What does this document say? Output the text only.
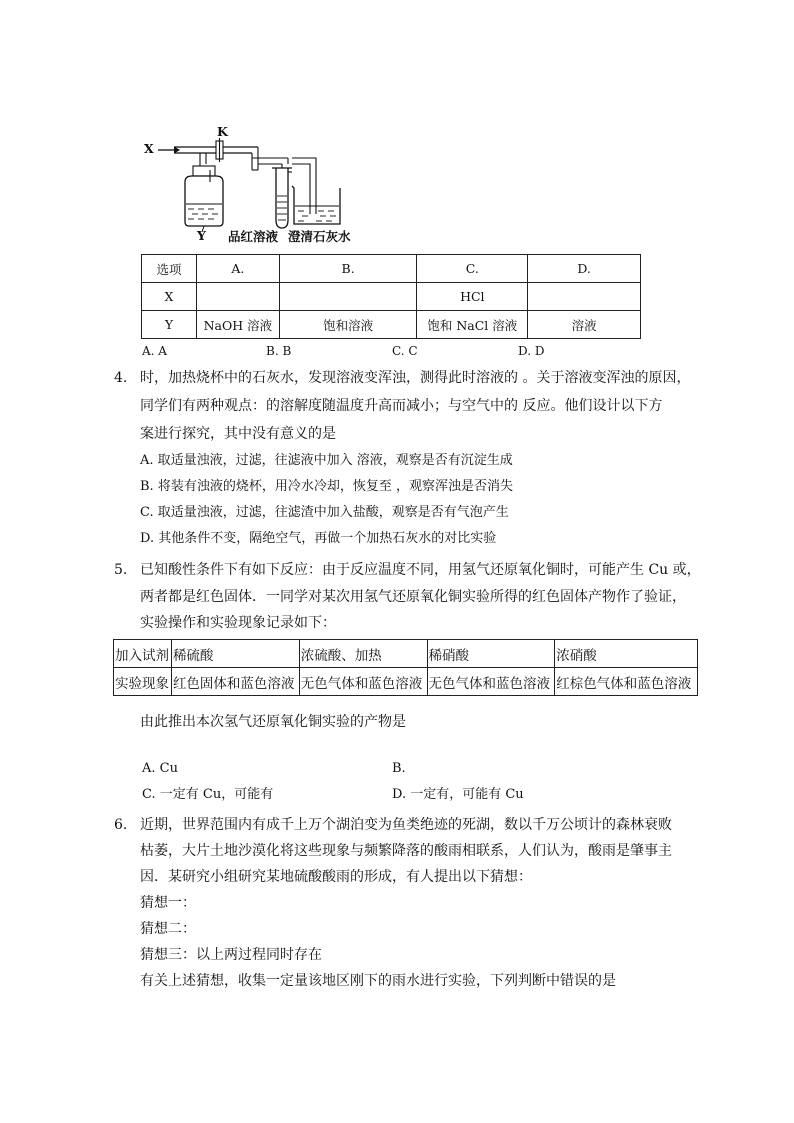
X
K
Y 品红溶液 澄清石灰水
选项	A.	B.	C.	D.
X			HCl	
Y	NaOH 溶液	饱和溶液	饱和 NaCl 溶液	溶液
A. A	B. B	C. C	D. D
4. 时，加热烧杯中的石灰水，发现溶液变浑浊，测得此时溶液的 。关于溶液变浑浊的原因，
同学们有两种观点：的溶解度随温度升高而减小；与空气中的 反应。他们设计以下方
案进行探究，其中没有意义的是
A. 取适量浊液，过滤，往滤液中加入 溶液，观察是否有沉淀生成
B. 将装有浊液的烧杯，用冷水冷却，恢复至 ，观察浑浊是否消失
C. 取适量浊液，过滤，往滤渣中加入盐酸，观察是否有气泡产生
D. 其他条件不变，隔绝空气，再做一个加热石灰水的对比实验
5. 已知酸性条件下有如下反应：由于反应温度不同，用氢气还原氧化铜时，可能产生 Cu 或，
两者都是红色固体．一同学对某次用氢气还原氧化铜实验所得的红色固体产物作了验证，
实验操作和实验现象记录如下：
加入试剂	稀硫酸	浓硫酸、加热	稀硝酸	浓硝酸
实验现象	红色固体和蓝色溶液	无色气体和蓝色溶液	无色气体和蓝色溶液	红棕色气体和蓝色溶液
由此推出本次氢气还原氧化铜实验的产物是
A. Cu	B.
C. 一定有 Cu，可能有	D. 一定有，可能有 Cu
6. 近期，世界范围内有成千上万个湖泊变为鱼类绝迹的死湖，数以千万公顷计的森林衰败
枯萎，大片土地沙漠化将这些现象与频繁降落的酸雨相联系，人们认为，酸雨是肇事主
因．某研究小组研究某地硫酸酸雨的形成，有人提出以下猜想：
猜想一：
猜想二：
猜想三：以上两过程同时存在
有关上述猜想，收集一定量该地区刚下的雨水进行实验，下列判断中错误的是
